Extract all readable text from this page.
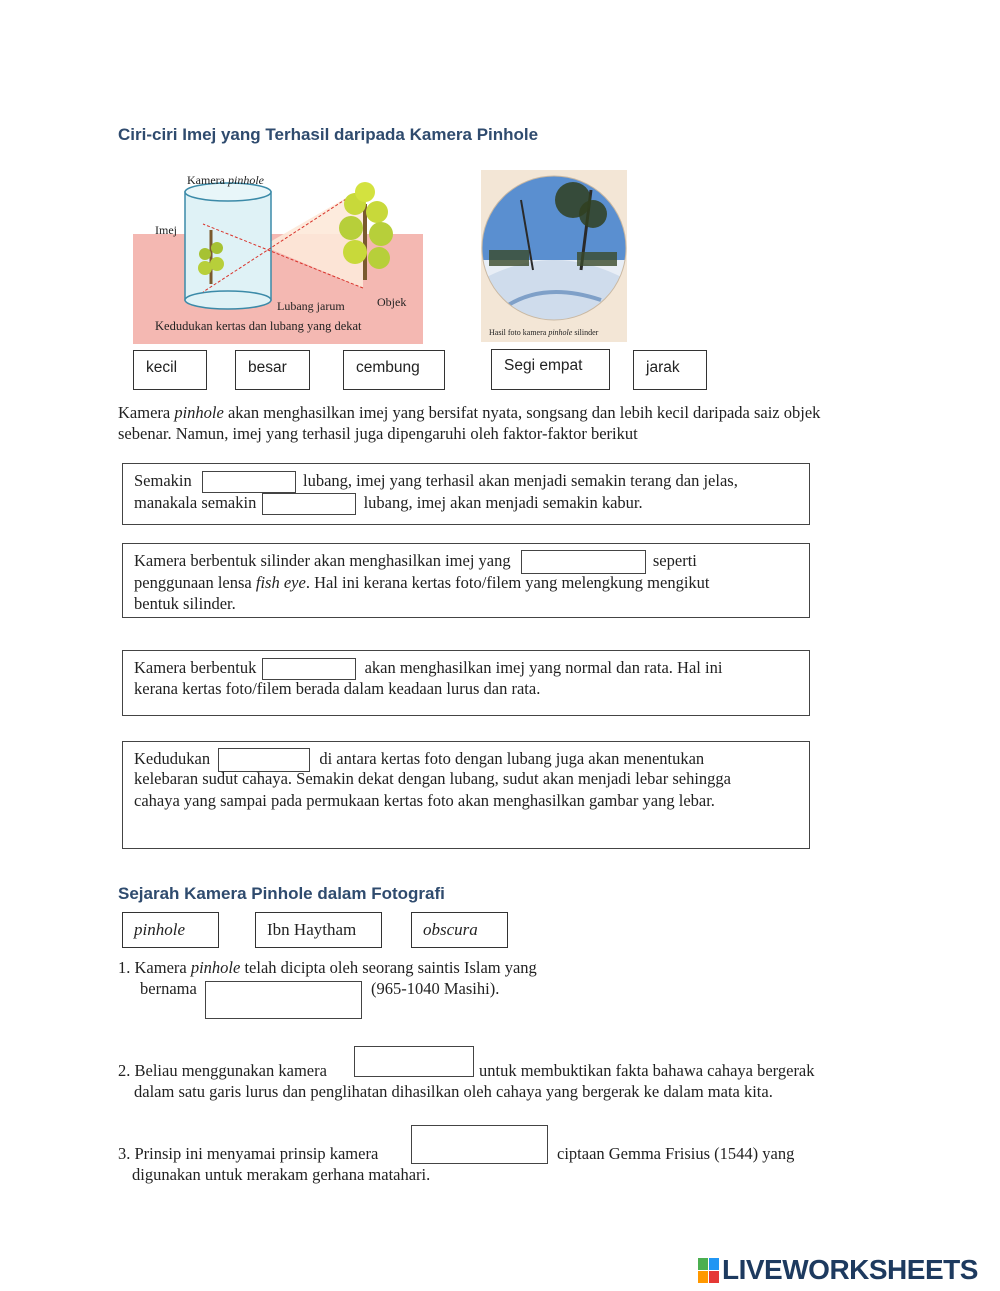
Ciri-ciri Imej yang Terhasil daripada Kamera Pinhole
Kamera pinhole
Imej
Lubang jarum	Objek
Kedudukan kertas dan lubang yang dekat	Hasil foto kamera pinhole silinder
kecil	besar	cembung	Segi empat	jarak
Kamera pinhole akan menghasilkan imej yang bersifat nyata, songsang dan lebih kecil daripada saiz objek sebenar. Namun, imej yang terhasil juga dipengaruhi oleh faktor-faktor berikut
Semakin	lubang, imej yang terhasil akan menjadi semakin terang dan jelas,
manakala semakin	lubang, imej akan menjadi semakin kabur.
Kamera berbentuk silinder akan menghasilkan imej yang	seperti
penggunaan lensa fish eye. Hal ini kerana kertas foto/filem yang melengkung mengikut
bentuk silinder.
Kamera berbentuk	akan menghasilkan imej yang normal dan rata. Hal ini
kerana kertas foto/filem berada dalam keadaan lurus dan rata.
Kedudukan	di antara kertas foto dengan lubang juga akan menentukan
kelebaran sudut cahaya. Semakin dekat dengan lubang, sudut akan menjadi lebar sehingga
cahaya yang sampai pada permukaan kertas foto akan menghasilkan gambar yang lebar.
Sejarah Kamera Pinhole dalam Fotografi
pinhole	Ibn Haytham	obscura
1. Kamera pinhole telah dicipta oleh seorang saintis Islam yang
bernama	(965-1040 Masihi).
2. Beliau menggunakan kamera	untuk membuktikan fakta bahawa cahaya bergerak
dalam satu garis lurus dan penglihatan dihasilkan oleh cahaya yang bergerak ke dalam mata kita.
3. Prinsip ini menyamai prinsip kamera	ciptaan Gemma Frisius (1544) yang
digunakan untuk merakam gerhana matahari.
LIVEWORKSHEETS
